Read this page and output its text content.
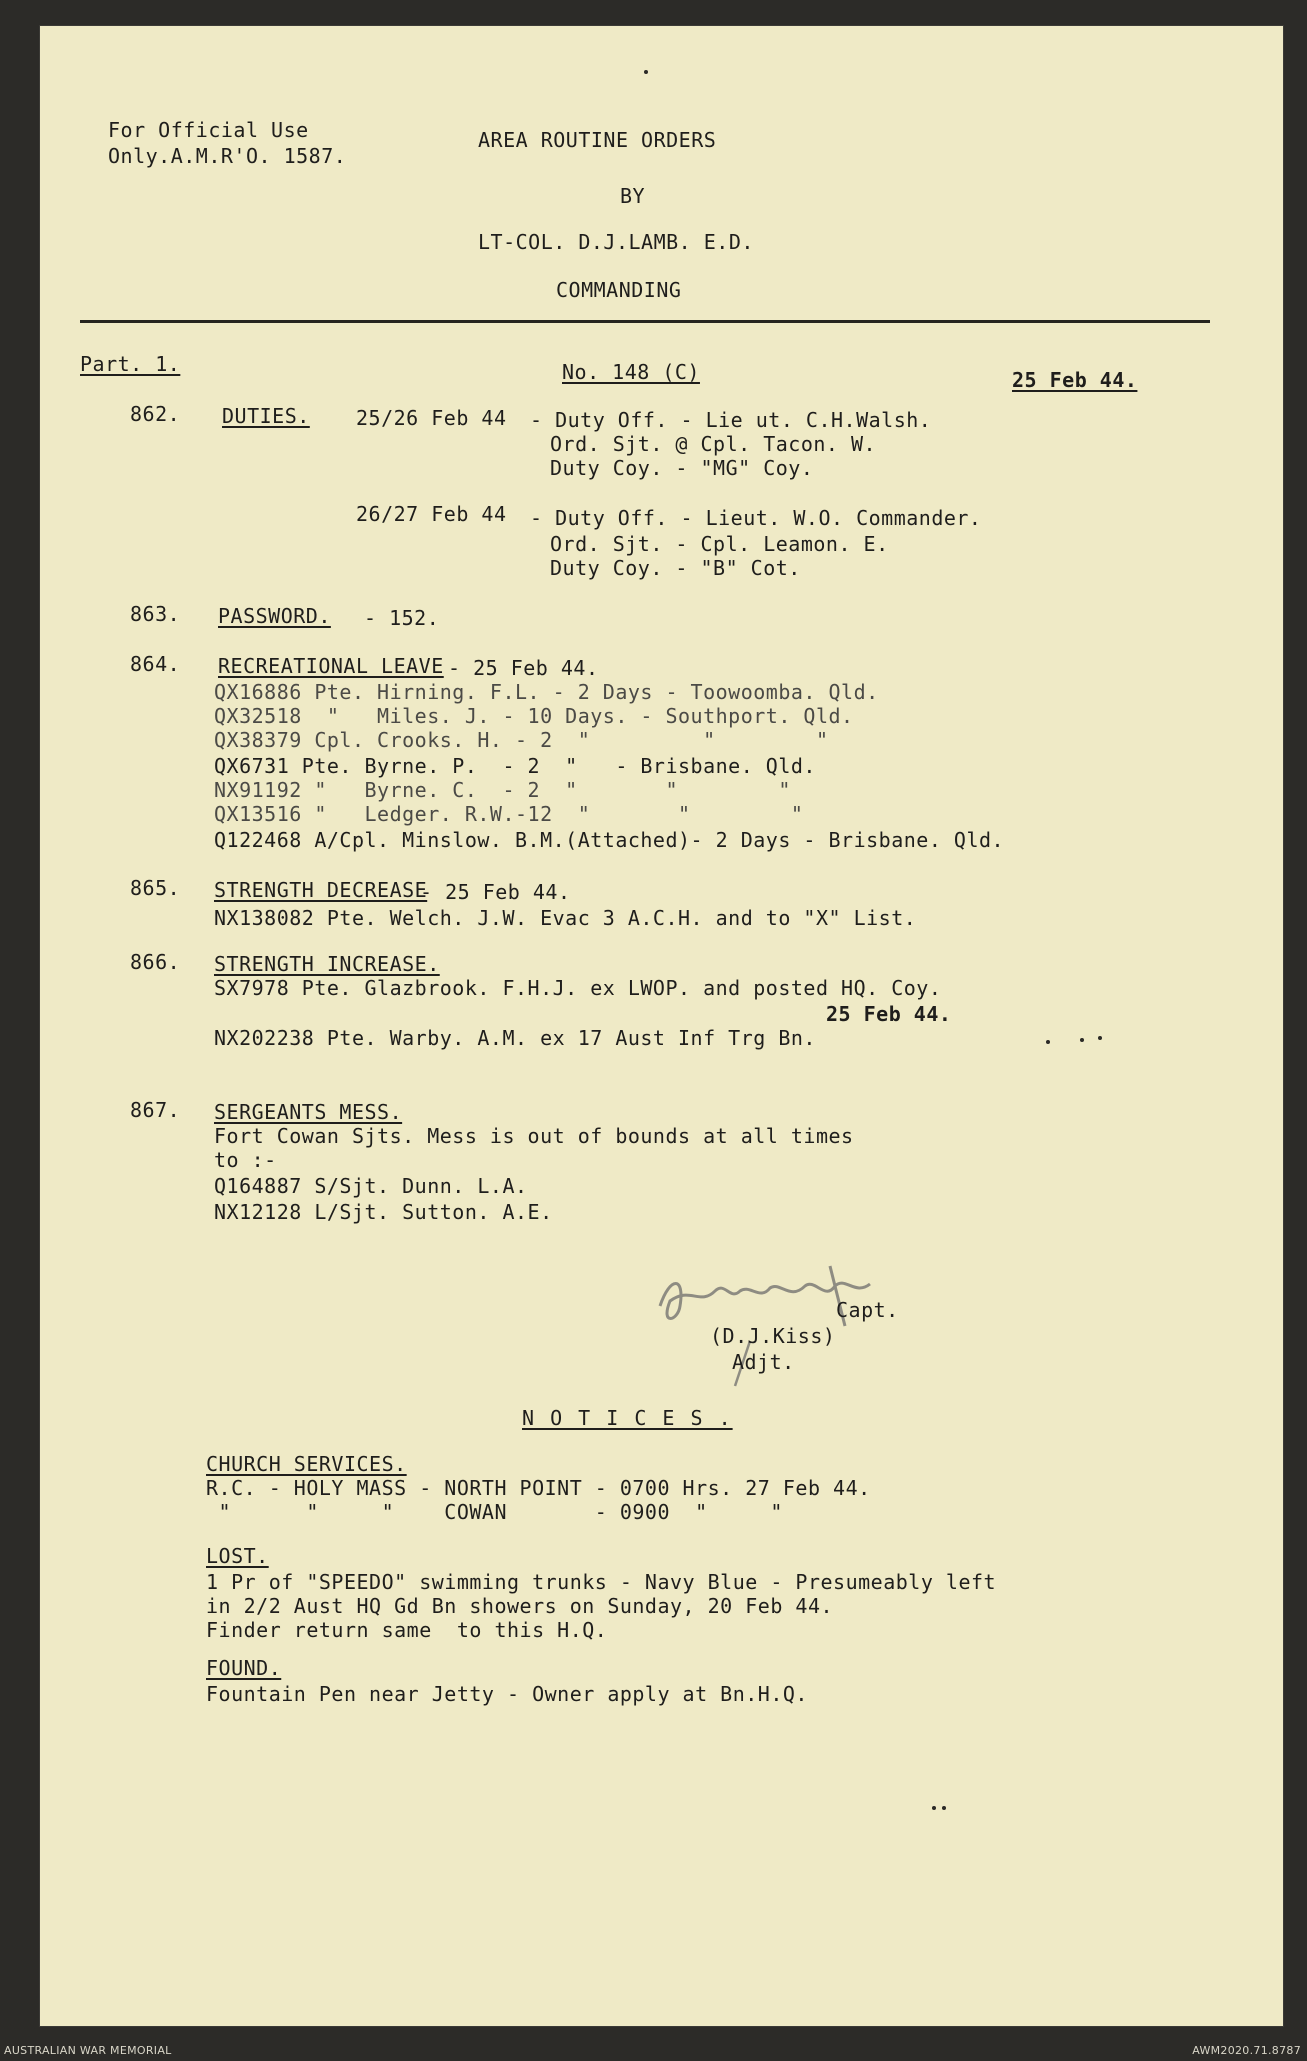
For Official Use
Only.A.M.R'O. 1587.
AREA ROUTINE ORDERS
BY
LT-COL. D.J.LAMB. E.D.
COMMANDING
Part. 1.	No. 148 (C)	25 Feb 44.
862. DUTIES. 25/26 Feb 44 - Duty Off. - Lie ut. C.H.Walsh.
Ord. Sjt. @ Cpl. Tacon. W.
Duty Coy. - "MG" Coy.
26/27 Feb 44 - Duty Off. - Lieut. W.O. Commander.
Ord. Sjt. - Cpl. Leamon. E.
Duty Coy. - "B" Cot.
863. PASSWORD. - 152.
864. RECREATIONAL LEAVE - 25 Feb 44.
QX16886 Pte. Hirning. F.L. - 2 Days - Toowoomba. Qld.
QX32518  "   Miles. J. - 10 Days. - Southport. Qld.
QX38379 Cpl. Crooks. H. - 2  "         "        "
QX6731 Pte. Byrne. P.  - 2  "   - Brisbane. Qld.
NX91192 "   Byrne. C.  - 2  "       "        "
QX13516 "   Ledger. R.W.-12  "       "        "
Q122468 A/Cpl. Minslow. B.M.(Attached)- 2 Days - Brisbane. Qld.
865. STRENGTH DECREASE
- 25 Feb 44.
NX138082 Pte. Welch. J.W. Evac 3 A.C.H. and to "X" List.
866. STRENGTH INCREASE.
SX7978 Pte. Glazbrook. F.H.J. ex LWOP. and posted HQ. Coy.
25 Feb 44.
NX202238 Pte. Warby. A.M. ex 17 Aust Inf Trg Bn.
867. SERGEANTS MESS.
Fort Cowan Sjts. Mess is out of bounds at all times
to :-
Q164887 S/Sjt. Dunn. L.A.
NX12128 L/Sjt. Sutton. A.E.
Capt.
(D.J.Kiss)
Adjt.
N O T I C E S .
CHURCH SERVICES.
R.C. - HOLY MASS - NORTH POINT - 0700 Hrs. 27 Feb 44.
"      "     "    COWAN       - 0900  "     "
LOST.
1 Pr of "SPEEDO" swimming trunks - Navy Blue - Presumeably left
in 2/2 Aust HQ Gd Bn showers on Sunday, 20 Feb 44.
Finder return same  to this H.Q.
FOUND.
Fountain Pen near Jetty - Owner apply at Bn.H.Q.
AUSTRALIAN WAR MEMORIAL	AWM2020.71.8787
